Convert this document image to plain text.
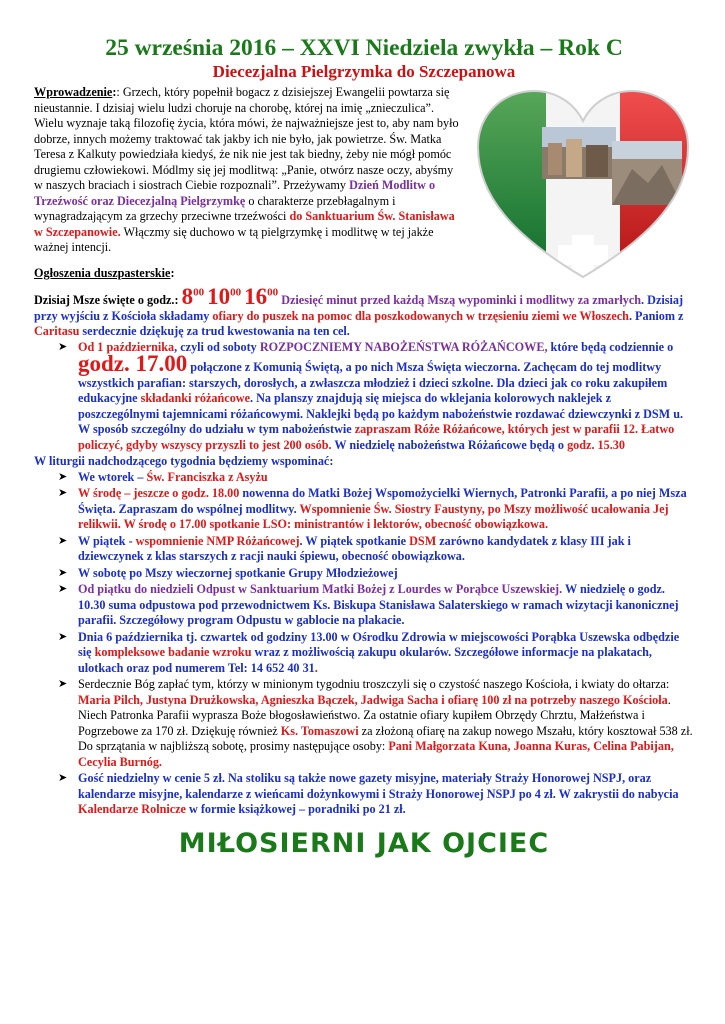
25 września 2016 – XXVI Niedziela zwykła – Rok C
Diecezjalna Pielgrzymka do Szczepanowa

Wprowadzenie:: Grzech, który popełnił bogacz z dzisiejszej Ewangelii powtarza się nieustannie. I dzisiaj wielu ludzi choruje na chorobę, której na imię „znieczulica”. Wielu wyznaje taką filozofię życia, która mówi, że najważniejsze jest to, aby nam było dobrze, innych możemy traktować tak jakby ich nie było, jak powietrze. Św. Matka Teresa z Kalkuty powiedziała kiedyś, że nik nie jest tak biedny, żeby nie mógł pomóc drugiemu człowiekowi. Módlmy się jej modlitwą: „Panie, otwórz nasze oczy, abyśmy w naszych braciach i siostrach Ciebie rozpoznali”. Przeżywamy Dzień Modlitw o Trzeźwość oraz Diecezjalną Pielgrzymkę o charakterze przebłagalnym i wynagradzającym za grzechy przeciwne trzeźwości do Sanktuarium Św. Stanisława w Szczepanowie. Włączmy się duchowo w tą pielgrzymkę i modlitwę w tej jakże ważnej intencji.

Ogłoszenia duszpasterskie:

Dzisiaj Msze święte o godz.: $8^{00}$ $10^{00}$ $16^{00}$ Dziesięć minut przed każdą Mszą wypominki i modlitwy za zmarłych. Dzisiaj przy wyjściu z Kościoła składamy ofiary do puszek na pomoc dla poszkodowanych w trzęsieniu ziemi we Włoszech. Paniom z Caritasu serdecznie dziękuję za trud kwestowania na ten cel.

➤ Od 1 października, czyli od soboty ROZPOCZNIEMY NABOŻEŃSTWA RÓŻAŃCOWE, które będą codziennie o godz. 17.00 połączone z Komunią Świętą, a po nich Msza Święta wieczorna. Zachęcam do tej modlitwy wszystkich parafian: starszych, dorosłych, a zwłaszcza młodzież i dzieci szkolne. Dla dzieci jak co roku zakupiłem edukacyjne składanki różańcowe. Na planszy znajdują się miejsca do wklejania kolorowych naklejek z poszczególnymi tajemnicami różańcowymi. Naklejki będą po każdym nabożeństwie rozdawać dziewczynki z DSM u. W sposób szczególny do udziału w tym nabożeństwie zapraszam Róże Różańcowe, których jest w parafii 12. Łatwo policzyć, gdyby wszyscy przyszli to jest 200 osób. W niedzielę nabożeństwa Różańcowe będą o godz. 15.30

W liturgii nadchodzącego tygodnia będziemy wspominać:

➤ We wtorek – Św. Franciszka z Asyżu
➤ W środę – jeszcze o godz. 18.00 nowenna do Matki Bożej Wspomożycielki Wiernych, Patronki Parafii, a po niej Msza Święta. Zapraszam do wspólnej modlitwy. Wspomnienie Św. Siostry Faustyny, po Mszy możliwość ucałowania Jej relikwii. W środę o 17.00 spotkanie LSO: ministrantów i lektorów, obecność obowiązkowa.
➤ W piątek - wspomnienie NMP Różańcowej. W piątek spotkanie DSM zarówno kandydatek z klasy III jak i dziewczynek z klas starszych z racji nauki śpiewu, obecność obowiązkowa.
➤ W sobotę po Mszy wieczornej spotkanie Grupy Młodzieżowej
➤ Od piątku do niedzieli Odpust w Sanktuarium Matki Bożej z Lourdes w Porąbce Uszewskiej. W niedzielę o godz. 10.30 suma odpustowa pod przewodnictwem Ks. Biskupa Stanisława Salaterskiego w ramach wizytacji kanonicznej parafii. Szczegółowy program Odpustu w gablocie na plakacie.
➤ Dnia 6 października tj. czwartek od godziny 13.00 w Ośrodku Zdrowia w miejscowości Porąbka Uszewska odbędzie się kompleksowe badanie wzroku wraz z możliwością zakupu okularów. Szczegółowe informacje na plakatach, ulotkach oraz pod numerem Tel: 14 652 40 31.
➤ Serdecznie Bóg zapłać tym, którzy w minionym tygodniu troszczyli się o czystość naszego Kościoła, i kwiaty do ołtarza: Maria Pilch, Justyna Drużkowska, Agnieszka Bączek, Jadwiga Sacha i ofiarę 100 zł na potrzeby naszego Kościoła. Niech Patronka Parafii wyprasza Boże błogosławieństwo. Za ostatnie ofiary kupiłem Obrzędy Chrztu, Małżeństwa i Pogrzebowe za 170 zł. Dziękuję również Ks. Tomaszowi za złożoną ofiarę na zakup nowego Mszału, który kosztował 538 zł. Do sprzątania w najbliższą sobotę, prosimy następujące osoby: Pani Małgorzata Kuna, Joanna Kuras, Celina Pabijan, Cecylia Burnóg.
➤ Gość niedzielny w cenie 5 zł. Na stoliku są także nowe gazety misyjne, materiały Straży Honorowej NSPJ, oraz kalendarze misyjne, kalendarze z wieńcami dożynkowymi i Straży Honorowej NSPJ po 4 zł. W zakrystii do nabycia Kalendarze Rolnicze w formie książkowej – poradniki po 21 zł.
MIŁOSIERNI JAK OJCIEC
